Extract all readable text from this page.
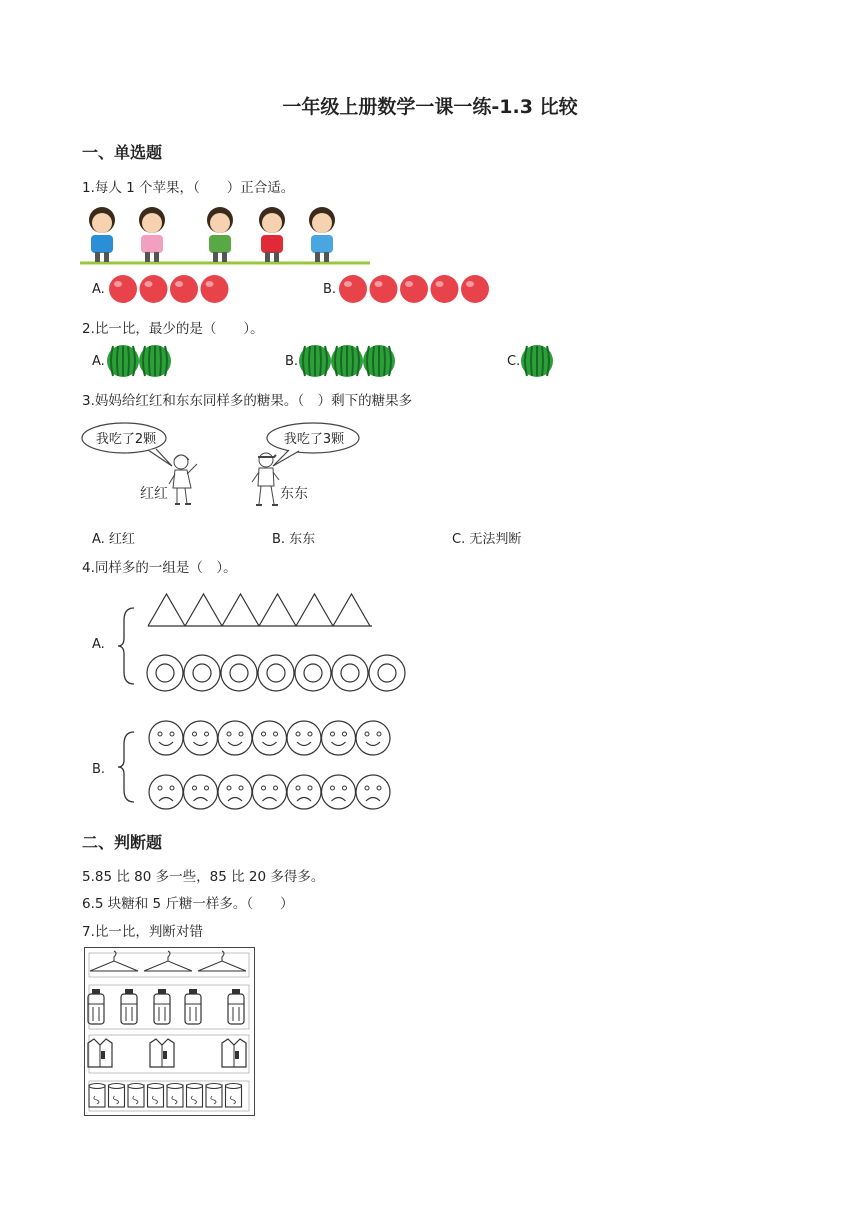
一年级上册数学一课一练-1.3 比较
一、单选题
1.每人 1 个苹果，（　　）正合适。
A.	B.
2.比一比，最少的是（　　）。
A.	B.	C.
3.妈妈给红红和东东同样多的糖果。（　）剩下的糖果多
我吃了2颗	我吃了3颗
红红	东东
A. 红红	B. 东东	C. 无法判断
4.同样多的一组是（　）。
A.
B.
二、判断题
5.85 比 80 多一些，85 比 20 多得多。
6.5 块糖和 5 斤糖一样多。（　　）
7.比一比，判断对错
